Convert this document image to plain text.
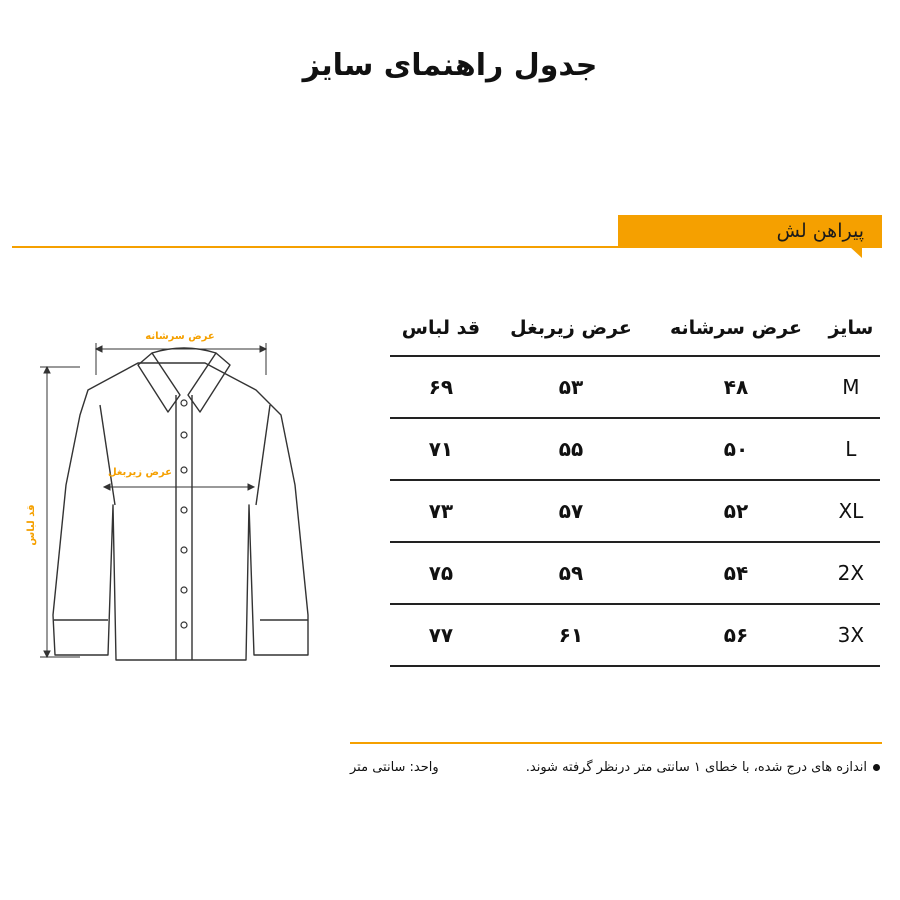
جدول راهنمای سایز
پیراهن لش
عرض سرشانه
عرض زیربغل
قد لباس
سایز	عرض سرشانه	عرض زیربغل	قد لباس
M	۴۸	۵۳	۶۹
L	۵۰	۵۵	۷۱
XL	۵۲	۵۷	۷۳
2X	۵۴	۵۹	۷۵
3X	۵۶	۶۱	۷۷
اندازه های درج شده، با خطای ۱ سانتی متر درنظر گرفته شوند.
واحد: سانتی متر
